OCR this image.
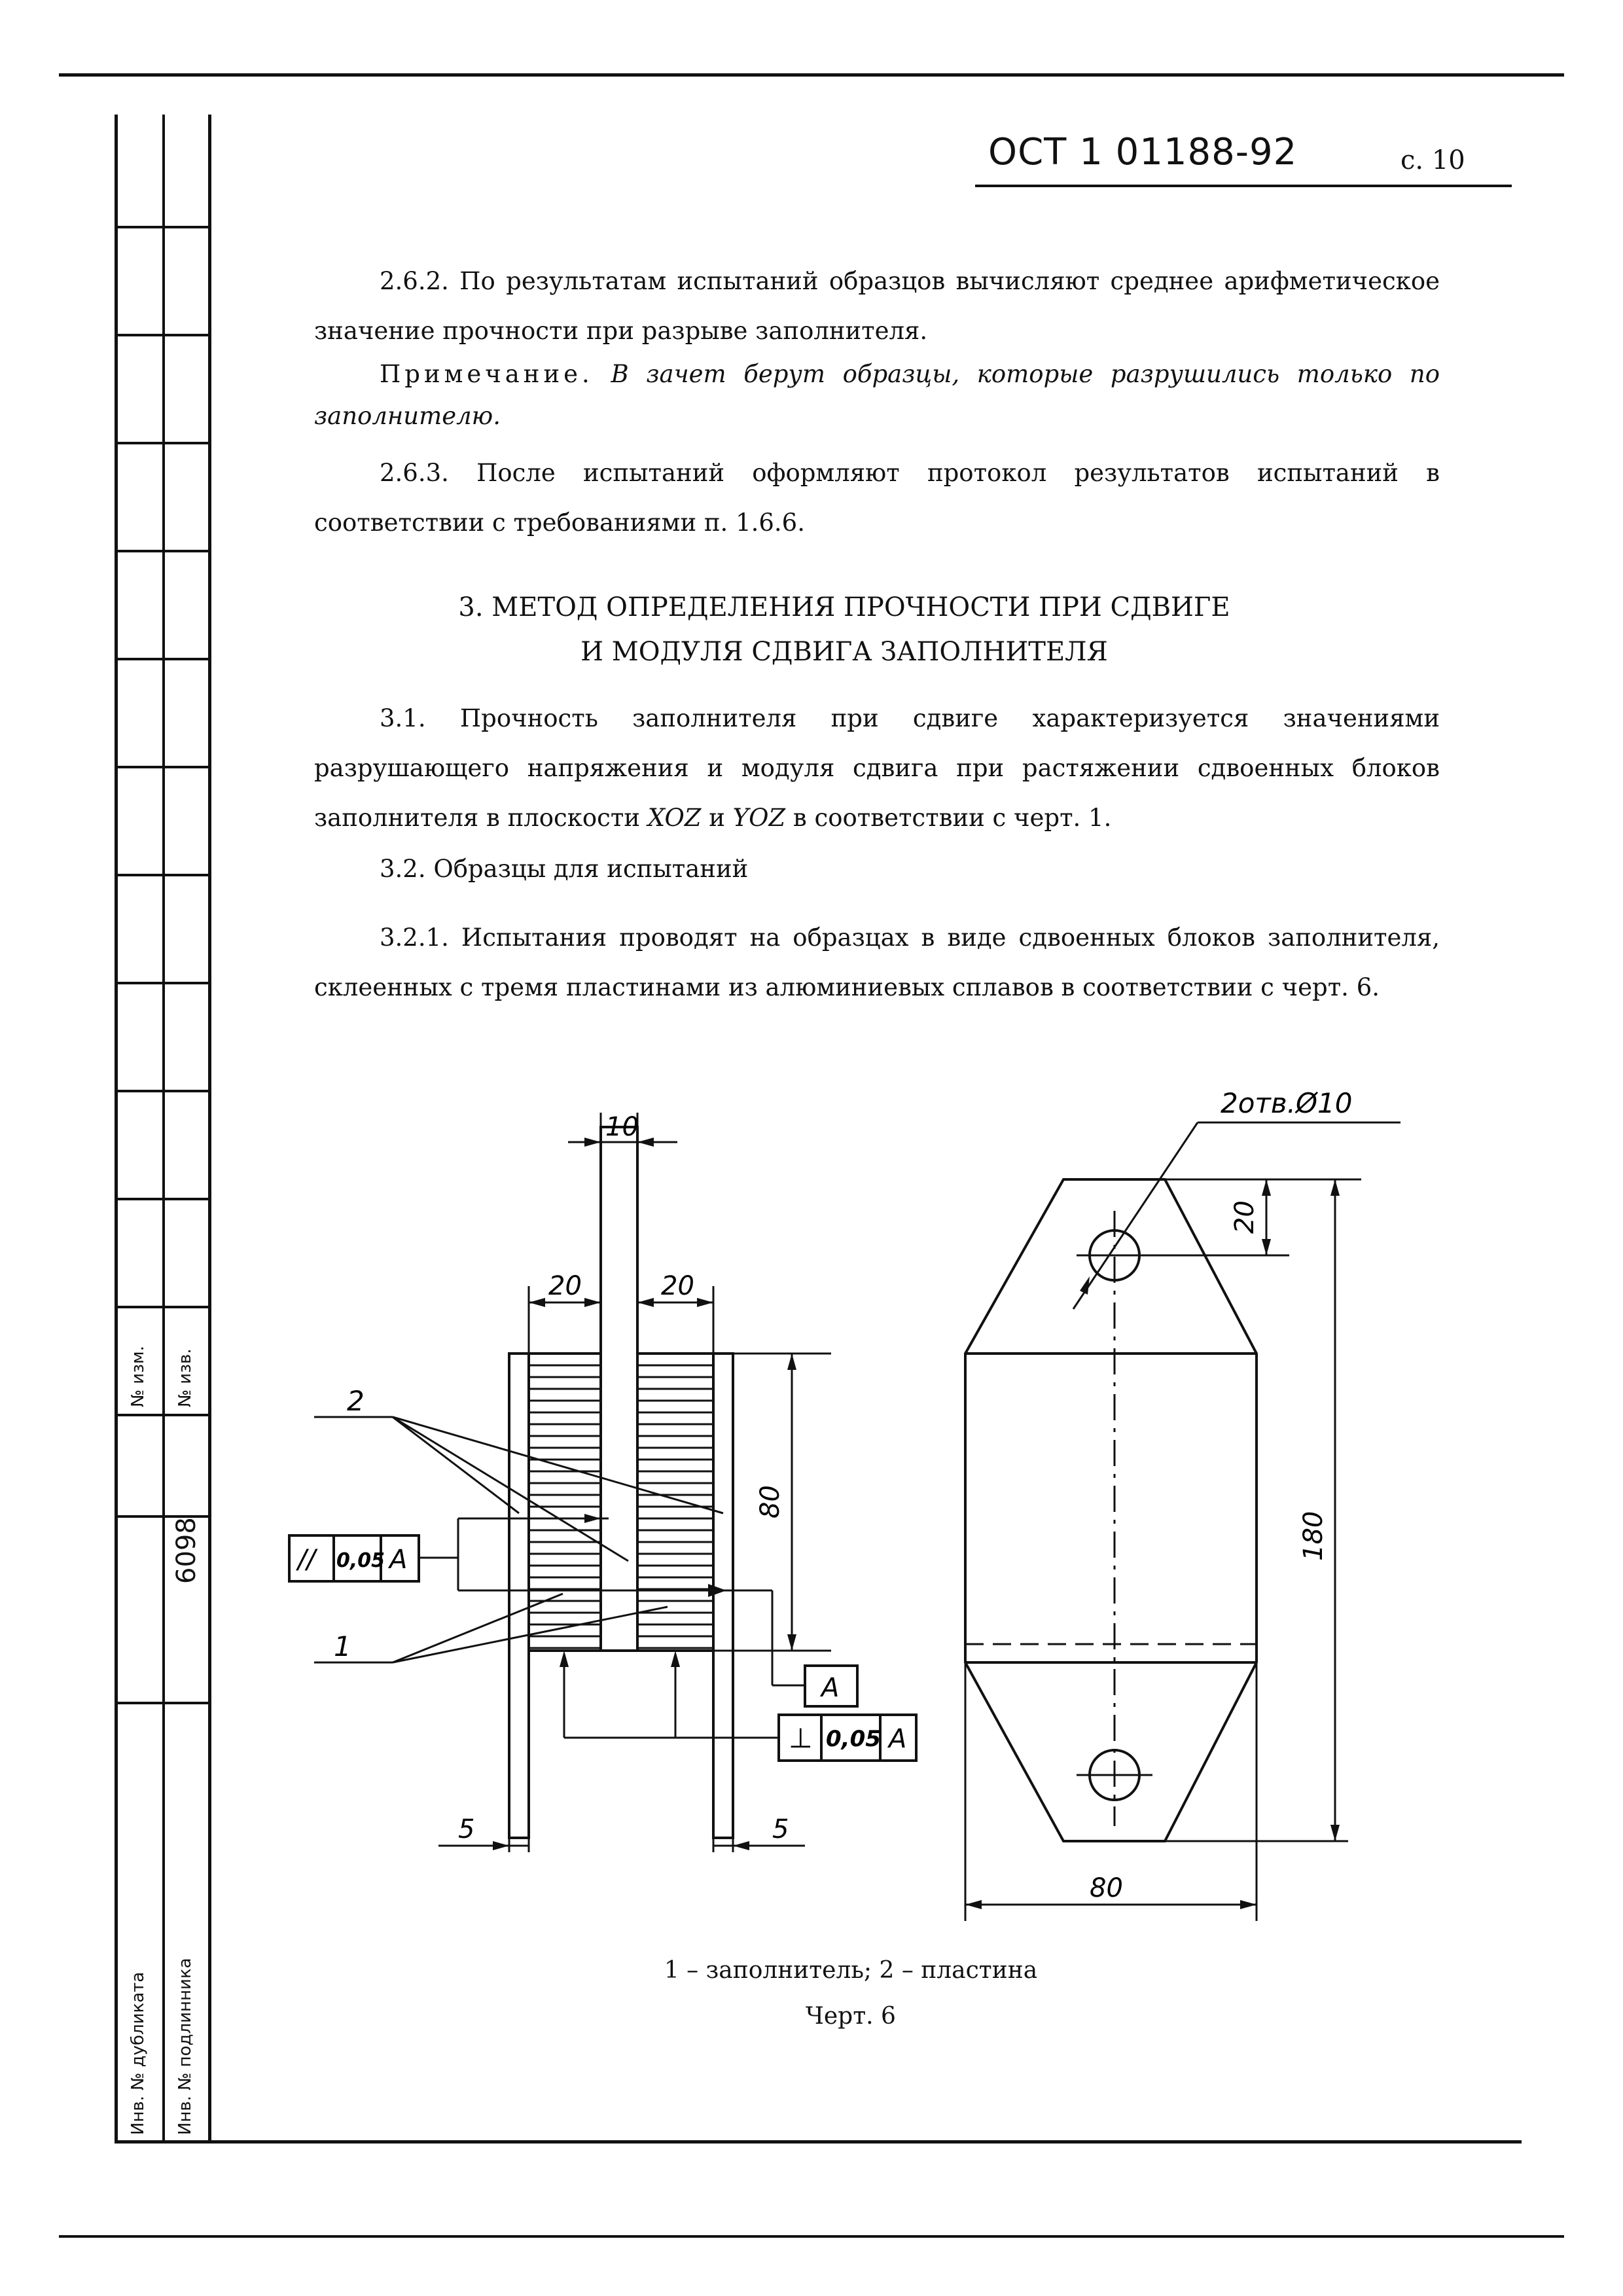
№ изм. № изв.
6098
Инв. № дубликата Инв. № подлинника
ОСТ 1 01188-92	с. 10
2.6.2. По результатам испытаний образцов вычисляют среднее арифметическое значение прочности при разрыве заполнителя.
Примечание. В зачет берут образцы, которые разрушились только по заполнителю.
2.6.3. После испытаний оформляют протокол результатов испытаний в соответствии с требованиями п. 1.6.6.
3. МЕТОД ОПРЕДЕЛЕНИЯ ПРОЧНОСТИ ПРИ СДВИГЕ
И МОДУЛЯ СДВИГА ЗАПОЛНИТЕЛЯ
3.1. Прочность заполнителя при сдвиге характеризуется значениями разрушающего напряжения и модуля сдвига при растяжении сдвоенных блоков заполнителя в плоскости XOZ и YOZ в соответствии с черт. 1.
3.2. Образцы для испытаний
3.2.1. Испытания проводят на образцах в виде сдвоенных блоков заполнителя, склеенных с тремя пластинами из алюминиевых сплавов в соответствии с черт. 6.
10
20	20
80
5	5
2
1
// 0,05 A
A
⊥ 0,05 A
2отв.Ø10
20
180
80
1 – заполнитель; 2 – пластина
Черт. 6
